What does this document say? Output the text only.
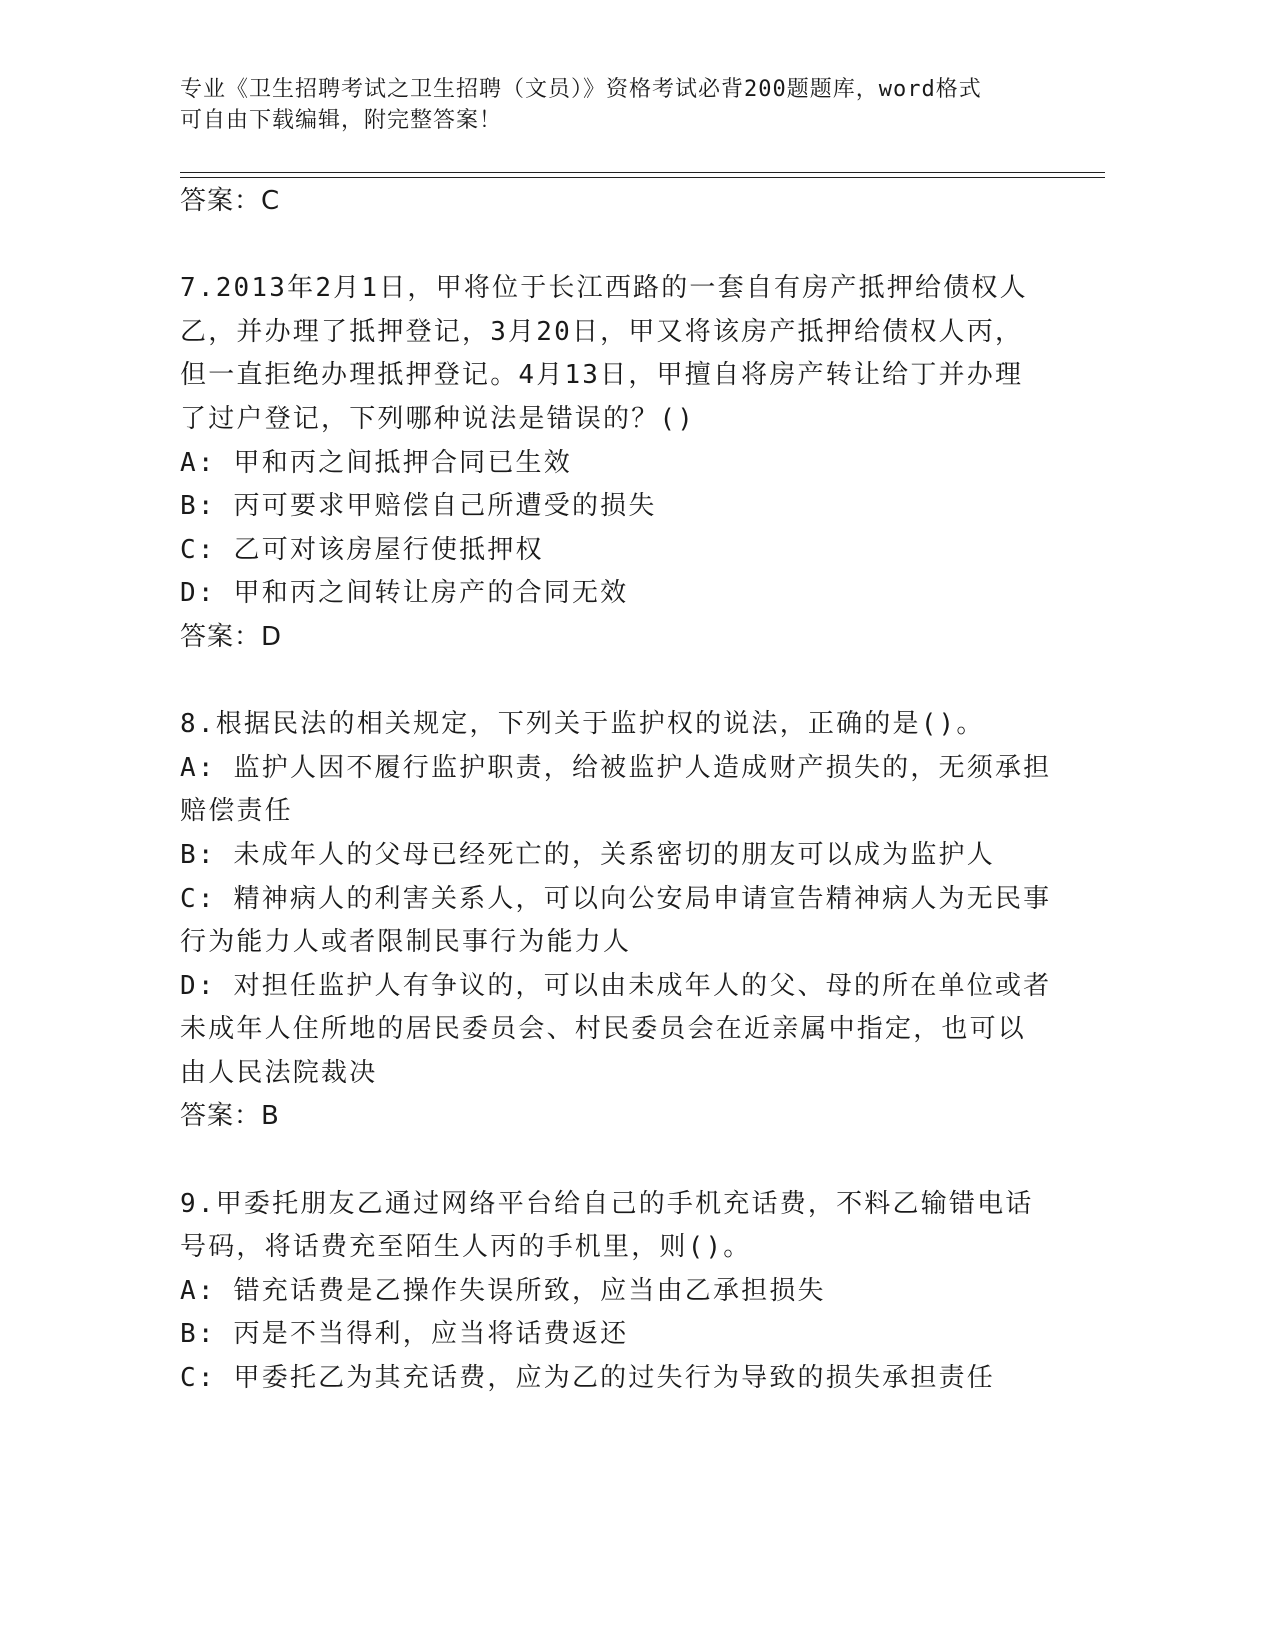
专业《卫生招聘考试之卫生招聘（文员）》资格考试必背200题题库，word格式
可自由下载编辑，附完整答案！
答案：C
7.2013年2月1日，甲将位于长江西路的一套自有房产抵押给债权人
乙，并办理了抵押登记，3月20日，甲又将该房产抵押给债权人丙，
但一直拒绝办理抵押登记。4月13日，甲擅自将房产转让给丁并办理
了过户登记，下列哪种说法是错误的？()
A: 甲和丙之间抵押合同已生效
B: 丙可要求甲赔偿自己所遭受的损失
C: 乙可对该房屋行使抵押权
D: 甲和丙之间转让房产的合同无效
答案：D
8.根据民法的相关规定，下列关于监护权的说法，正确的是()。
A: 监护人因不履行监护职责，给被监护人造成财产损失的，无须承担
赔偿责任
B: 未成年人的父母已经死亡的，关系密切的朋友可以成为监护人
C: 精神病人的利害关系人，可以向公安局申请宣告精神病人为无民事
行为能力人或者限制民事行为能力人
D: 对担任监护人有争议的，可以由未成年人的父、母的所在单位或者
未成年人住所地的居民委员会、村民委员会在近亲属中指定，也可以
由人民法院裁决
答案：B
9.甲委托朋友乙通过网络平台给自己的手机充话费，不料乙输错电话
号码，将话费充至陌生人丙的手机里，则()。
A: 错充话费是乙操作失误所致，应当由乙承担损失
B: 丙是不当得利，应当将话费返还
C: 甲委托乙为其充话费，应为乙的过失行为导致的损失承担责任
